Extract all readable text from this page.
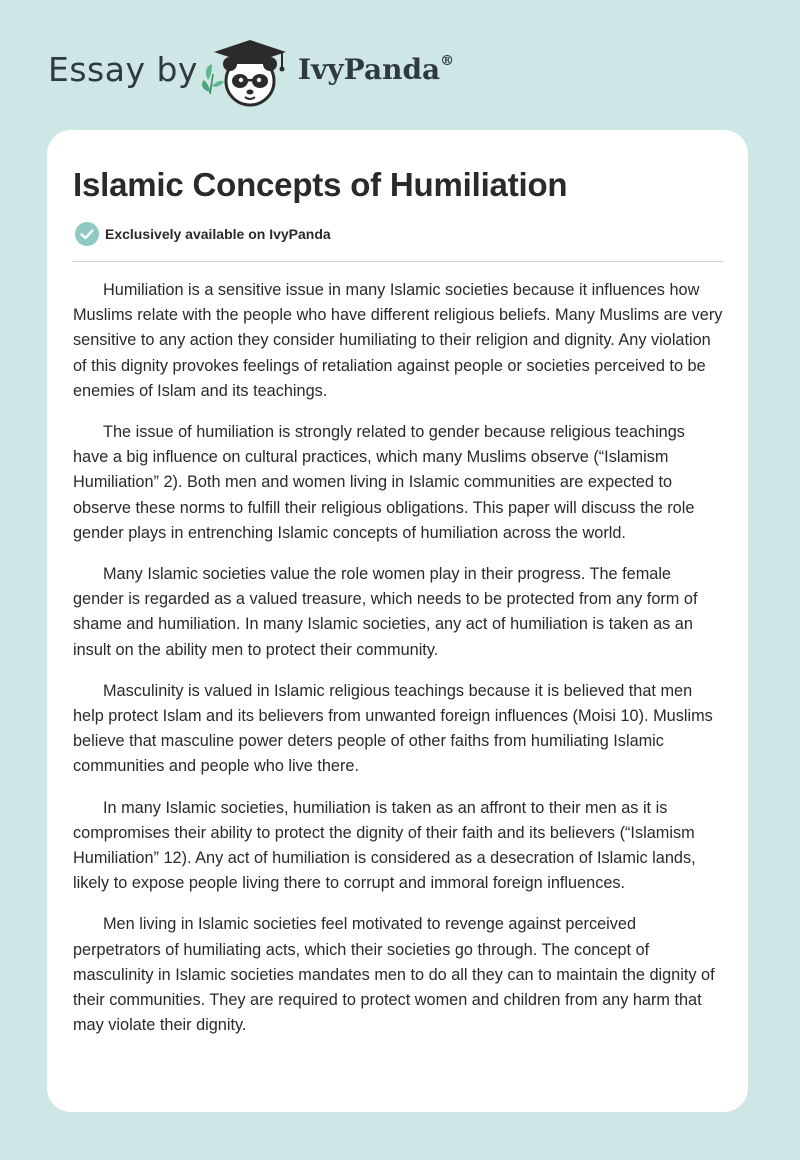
Essay by	IvyPanda®
Islamic Concepts of Humiliation
Exclusively available on IvyPanda

Humiliation is a sensitive issue in many Islamic societies because it influences how Muslims relate with the people who have different religious beliefs. Many Muslims are very sensitive to any action they consider humiliating to their religion and dignity. Any violation of this dignity provokes feelings of retaliation against people or societies perceived to be enemies of Islam and its teachings.

The issue of humiliation is strongly related to gender because religious teachings have a big influence on cultural practices, which many Muslims observe (“Islamism Humiliation” 2). Both men and women living in Islamic communities are expected to observe these norms to fulfill their religious obligations. This paper will discuss the role gender plays in entrenching Islamic concepts of humiliation across the world.

Many Islamic societies value the role women play in their progress. The female gender is regarded as a valued treasure, which needs to be protected from any form of shame and humiliation. In many Islamic societies, any act of humiliation is taken as an insult on the ability men to protect their community.

Masculinity is valued in Islamic religious teachings because it is believed that men help protect Islam and its believers from unwanted foreign influences (Moisi 10). Muslims believe that masculine power deters people of other faiths from humiliating Islamic communities and people who live there.

In many Islamic societies, humiliation is taken as an affront to their men as it is compromises their ability to protect the dignity of their faith and its believers (“Islamism Humiliation” 12). Any act of humiliation is considered as a desecration of Islamic lands, likely to expose people living there to corrupt and immoral foreign influences.

Men living in Islamic societies feel motivated to revenge against perceived perpetrators of humiliating acts, which their societies go through. The concept of masculinity in Islamic societies mandates men to do all they can to maintain the dignity of their communities. They are required to protect women and children from any harm that may violate their dignity.
